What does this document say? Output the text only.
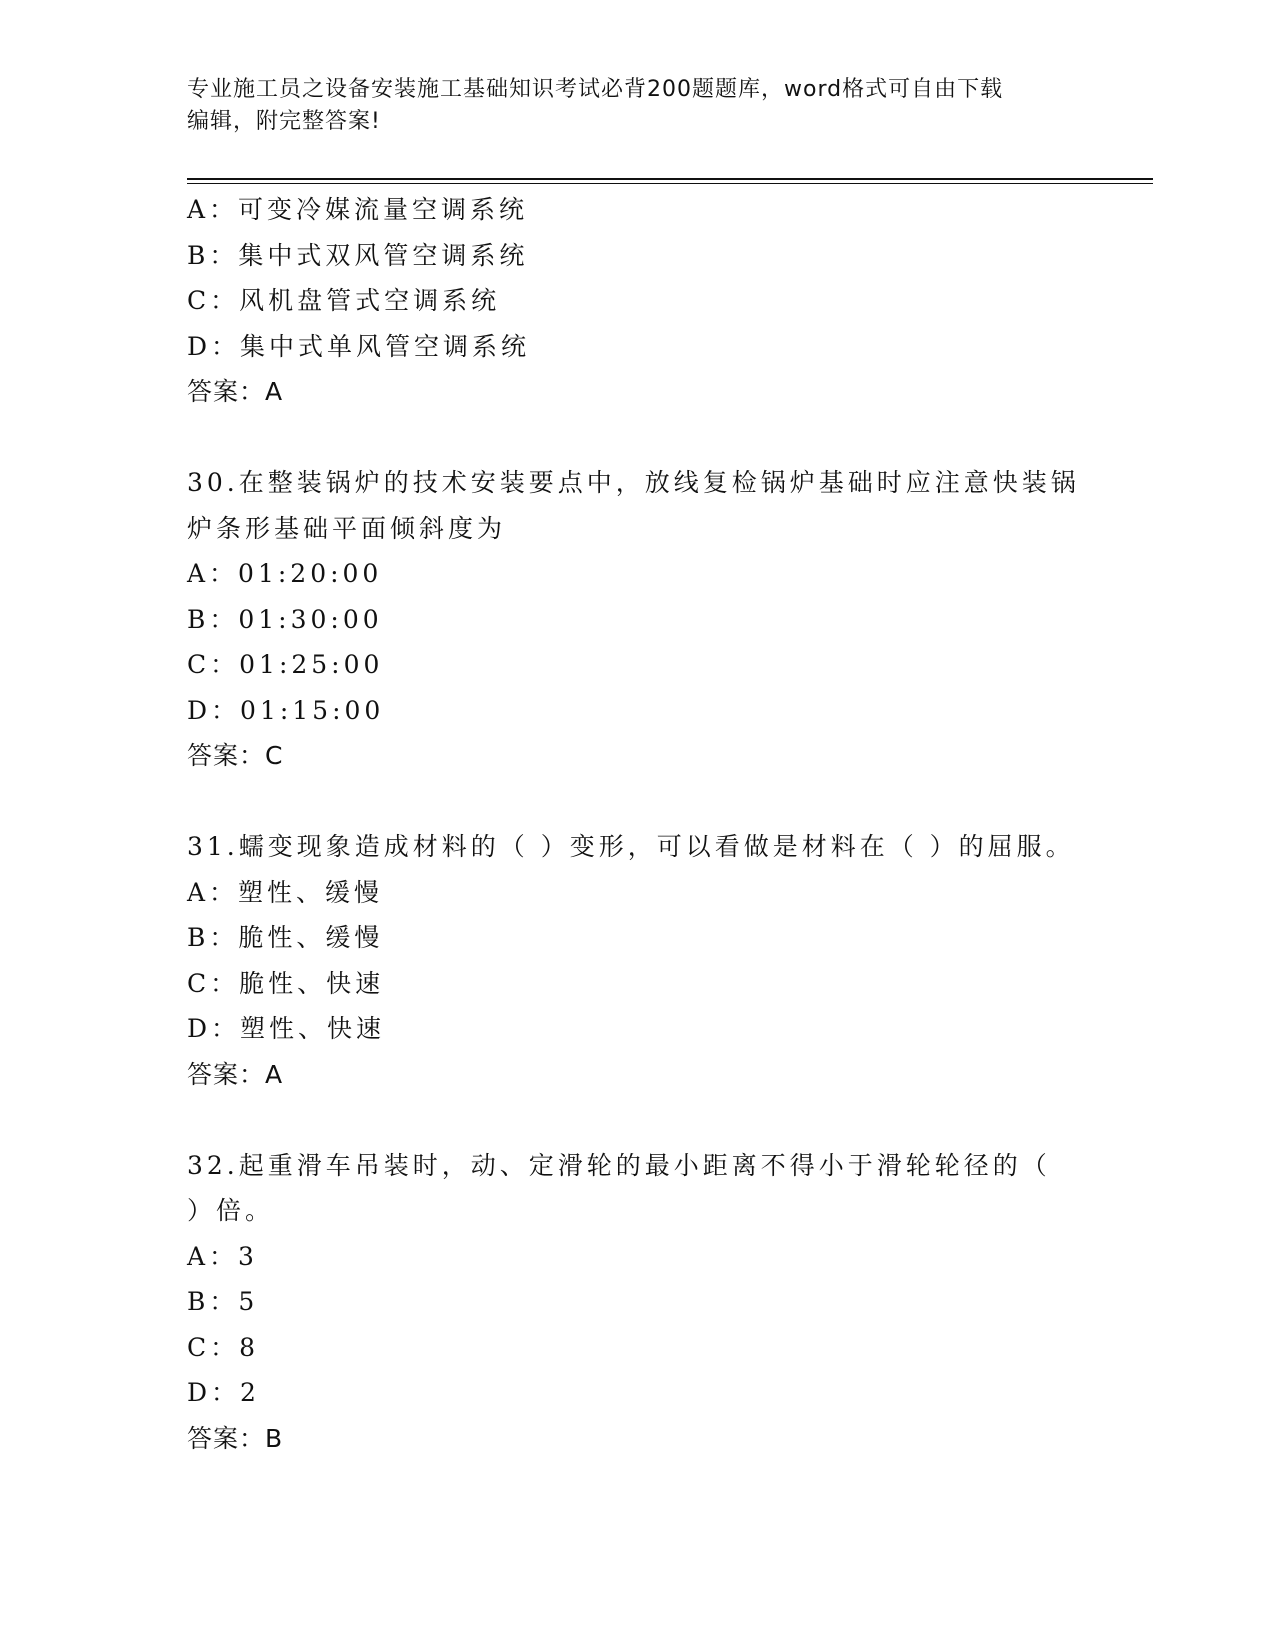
专业施工员之设备安装施工基础知识考试必背200题题库，word格式可自由下载
编辑，附完整答案!
A：可变冷媒流量空调系统
B：集中式双风管空调系统
C：风机盘管式空调系统
D：集中式单风管空调系统
答案：A
30.在整装锅炉的技术安装要点中，放线复检锅炉基础时应注意快装锅
炉条形基础平面倾斜度为
A：01:20:00
B：01:30:00
C：01:25:00
D：01:15:00
答案：C
31.蠕变现象造成材料的（ ）变形，可以看做是材料在（ ）的屈服。
A：塑性、缓慢
B：脆性、缓慢
C：脆性、快速
D：塑性、快速
答案：A
32.起重滑车吊装时，动、定滑轮的最小距离不得小于滑轮轮径的（
）倍。
A：3
B：5
C：8
D：2
答案：B
